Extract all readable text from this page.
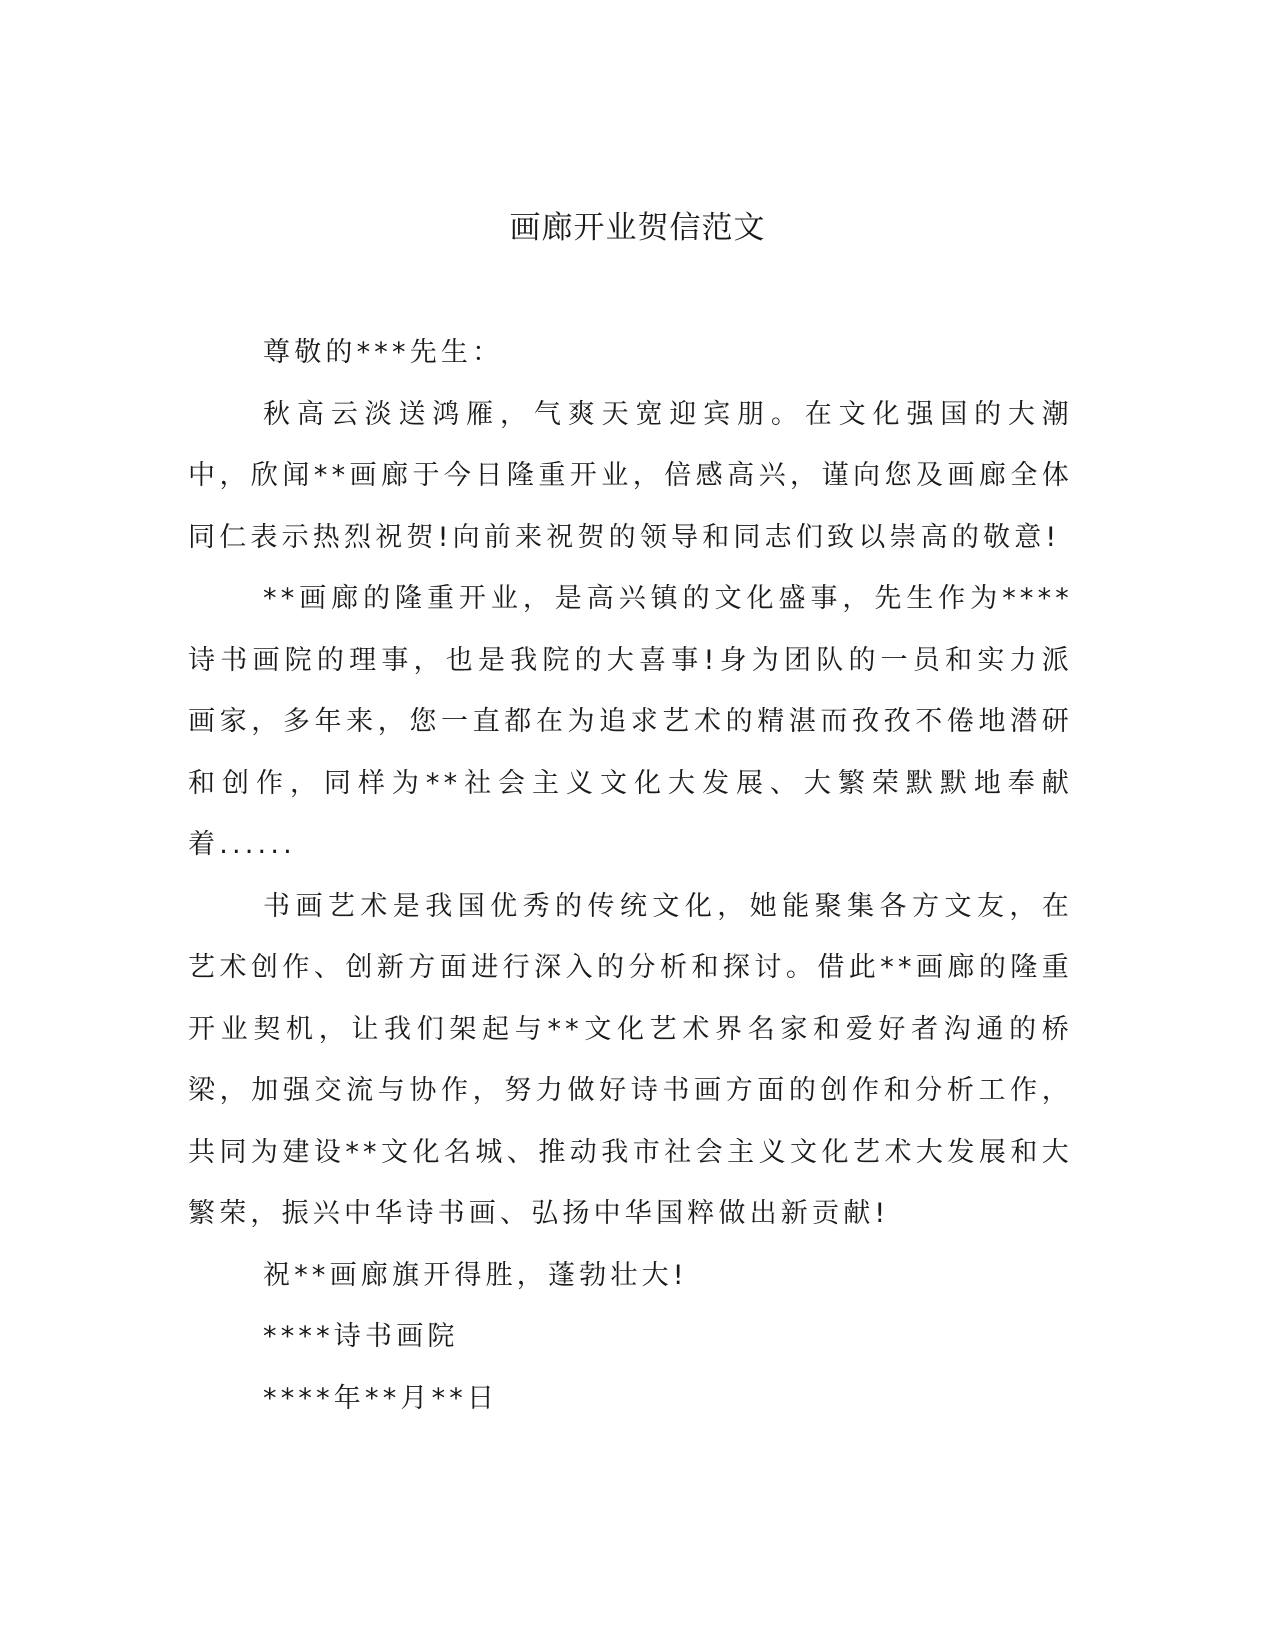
画廊开业贺信范文

尊敬的***先生：

秋高云淡送鸿雁，气爽天宽迎宾朋。在文化强国的大潮中，欣闻**画廊于今日隆重开业，倍感高兴，谨向您及画廊全体同仁表示热烈祝贺!向前来祝贺的领导和同志们致以崇高的敬意!

**画廊的隆重开业，是高兴镇的文化盛事，先生作为****诗书画院的理事，也是我院的大喜事!身为团队的一员和实力派画家，多年来，您一直都在为追求艺术的精湛而孜孜不倦地潜研和创作，同样为**社会主义文化大发展、大繁荣默默地奉献着......

书画艺术是我国优秀的传统文化，她能聚集各方文友，在艺术创作、创新方面进行深入的分析和探讨。借此**画廊的隆重开业契机，让我们架起与**文化艺术界名家和爱好者沟通的桥梁，加强交流与协作，努力做好诗书画方面的创作和分析工作，共同为建设**文化名城、推动我市社会主义文化艺术大发展和大繁荣，振兴中华诗书画、弘扬中华国粹做出新贡献!

祝**画廊旗开得胜，蓬勃壮大!

****诗书画院

****年**月**日
